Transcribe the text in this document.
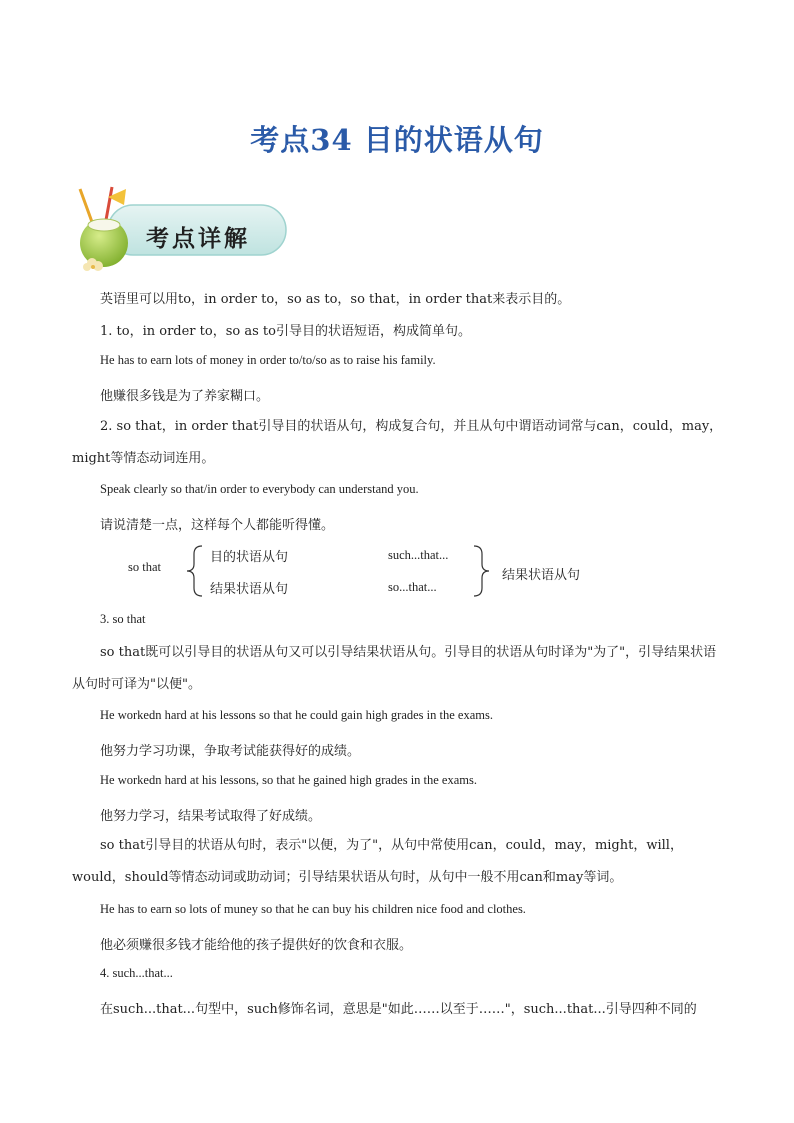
考点34 目的状语从句
考点详解
英语里可以用to，in order to，so as to，so that，in order that来表示目的。
1. to，in order to，so as to引导目的状语短语，构成简单句。
He has to earn lots of money in order to/to/so as to raise his family.
他赚很多钱是为了养家糊口。
2. so that，in order that引导目的状语从句，构成复合句，并且从句中谓语动词常与can，could，may，might等情态动词连用。
Speak clearly so that/in order to everybody can understand you.
请说清楚一点，这样每个人都能听得懂。
so that
目的状语从句
结果状语从句
such...that...
so...that...
结果状语从句
3. so that
so that既可以引导目的状语从句又可以引导结果状语从句。引导目的状语从句时译为"为了"，引导结果状语从句时可译为"以便"。
He workedn hard at his lessons so that he could gain high grades in the exams.
他努力学习功课，争取考试能获得好的成绩。
He workedn hard at his lessons, so that he gained high grades in the exams.
他努力学习，结果考试取得了好成绩。
so that引导目的状语从句时，表示"以便，为了"，从句中常使用can，could，may，might，will，would，should等情态动词或助动词；引导结果状语从句时，从句中一般不用can和may等词。
He has to earn so lots of muney so that he can buy his children nice food and clothes.
他必须赚很多钱才能给他的孩子提供好的饮食和衣服。
4. such...that...
在such...that...句型中，such修饰名词，意思是"如此……以至于……"，such...that...引导四种不同的
